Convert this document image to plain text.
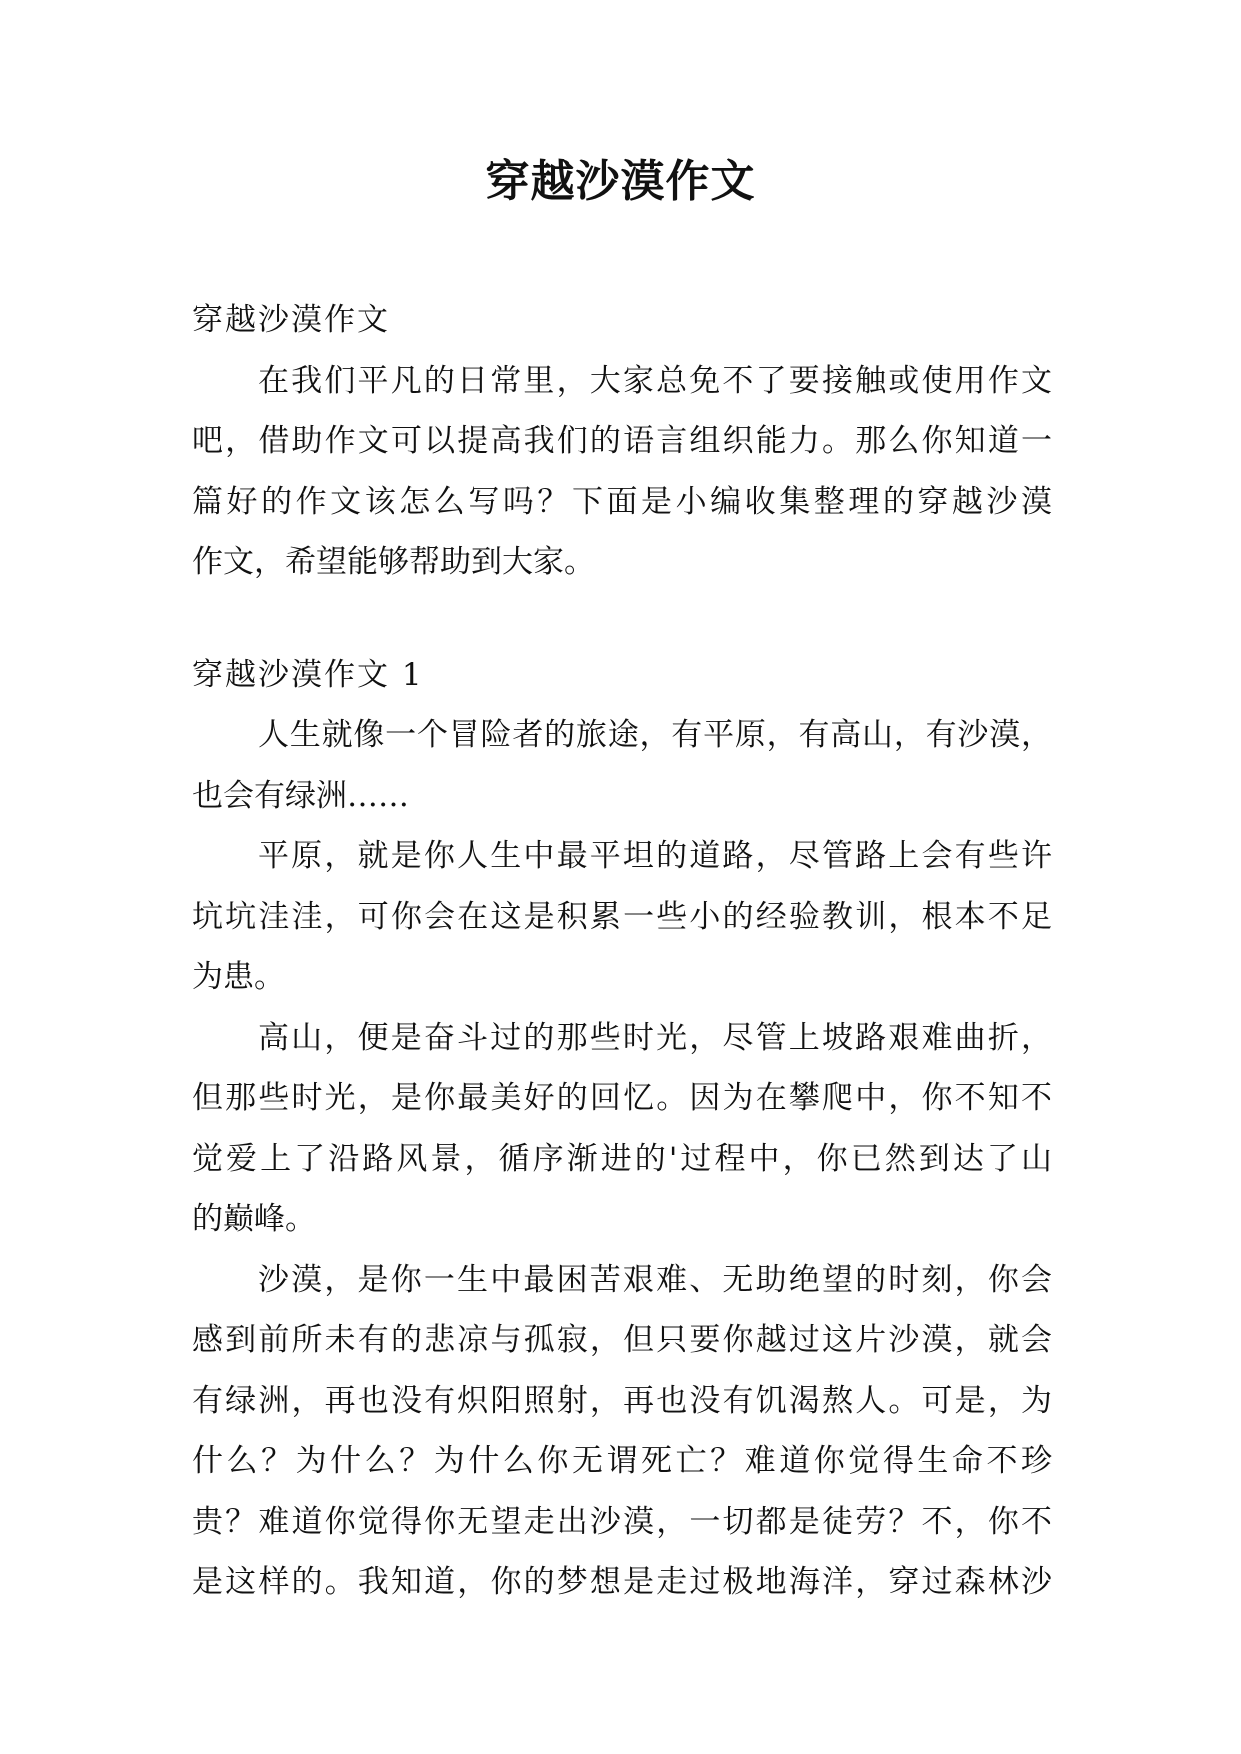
穿越沙漠作文
穿越沙漠作文
在我们平凡的日常里，大家总免不了要接触或使用作文
吧，借助作文可以提高我们的语言组织能力。那么你知道一
篇好的作文该怎么写吗？下面是小编收集整理的穿越沙漠
作文，希望能够帮助到大家。
穿越沙漠作文 1
人生就像一个冒险者的旅途，有平原，有高山，有沙漠，
也会有绿洲……
平原，就是你人生中最平坦的道路，尽管路上会有些许
坑坑洼洼，可你会在这是积累一些小的经验教训，根本不足
为患。
高山，便是奋斗过的那些时光，尽管上坡路艰难曲折，
但那些时光，是你最美好的回忆。因为在攀爬中，你不知不
觉爱上了沿路风景，循序渐进的'过程中，你已然到达了山
的巅峰。
沙漠，是你一生中最困苦艰难、无助绝望的时刻，你会
感到前所未有的悲凉与孤寂，但只要你越过这片沙漠，就会
有绿洲，再也没有炽阳照射，再也没有饥渴熬人。可是，为
什么？为什么？为什么你无谓死亡？难道你觉得生命不珍
贵？难道你觉得你无望走出沙漠，一切都是徒劳？不，你不
是这样的。我知道，你的梦想是走过极地海洋，穿过森林沙
